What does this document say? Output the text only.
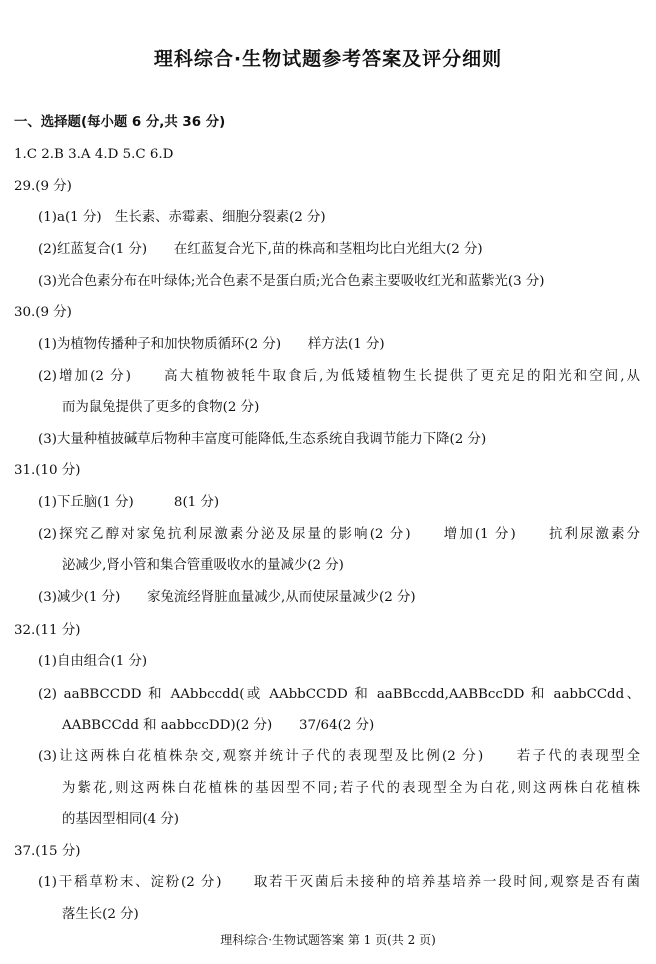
理科综合·生物试题参考答案及评分细则
一、选择题(每小题 6 分,共 36 分)
1.C 2.B 3.A 4.D 5.C 6.D
29.(9 分)
(1)a(1 分)　生长素、赤霉素、细胞分裂素(2 分)
(2)红蓝复合(1 分)　　在红蓝复合光下,苗的株高和茎粗均比白光组大(2 分)
(3)光合色素分布在叶绿体;光合色素不是蛋白质;光合色素主要吸收红光和蓝紫光(3 分)
30.(9 分)
(1)为植物传播种子和加快物质循环(2 分)　　样方法(1 分)
(2)增加(2 分)　　高大植物被牦牛取食后,为低矮植物生长提供了更充足的阳光和空间,从
而为鼠兔提供了更多的食物(2 分)
(3)大量种植披碱草后物种丰富度可能降低,生态系统自我调节能力下降(2 分)
31.(10 分)
(1)下丘脑(1 分)　　　8(1 分)
(2)探究乙醇对家兔抗利尿激素分泌及尿量的影响(2 分)　　增加(1 分)　　抗利尿激素分
泌减少,肾小管和集合管重吸收水的量减少(2 分)
(3)减少(1 分)　　家兔流经肾脏血量减少,从而使尿量减少(2 分)
32.(11 分)
(1)自由组合(1 分)
(2) aaBBCCDD 和 AAbbccdd(或 AAbbCCDD 和 aaBBccdd,AABBccDD 和 aabbCCdd、
AABBCCdd 和 aabbccDD)(2 分)　　37/64(2 分)
(3)让这两株白花植株杂交,观察并统计子代的表现型及比例(2 分)　　若子代的表现型全
为紫花,则这两株白花植株的基因型不同;若子代的表现型全为白花,则这两株白花植株
的基因型相同(4 分)
37.(15 分)
(1)干稻草粉末、淀粉(2 分)　　取若干灭菌后未接种的培养基培养一段时间,观察是否有菌
落生长(2 分)
理科综合·生物试题答案 第 1 页(共 2 页)
